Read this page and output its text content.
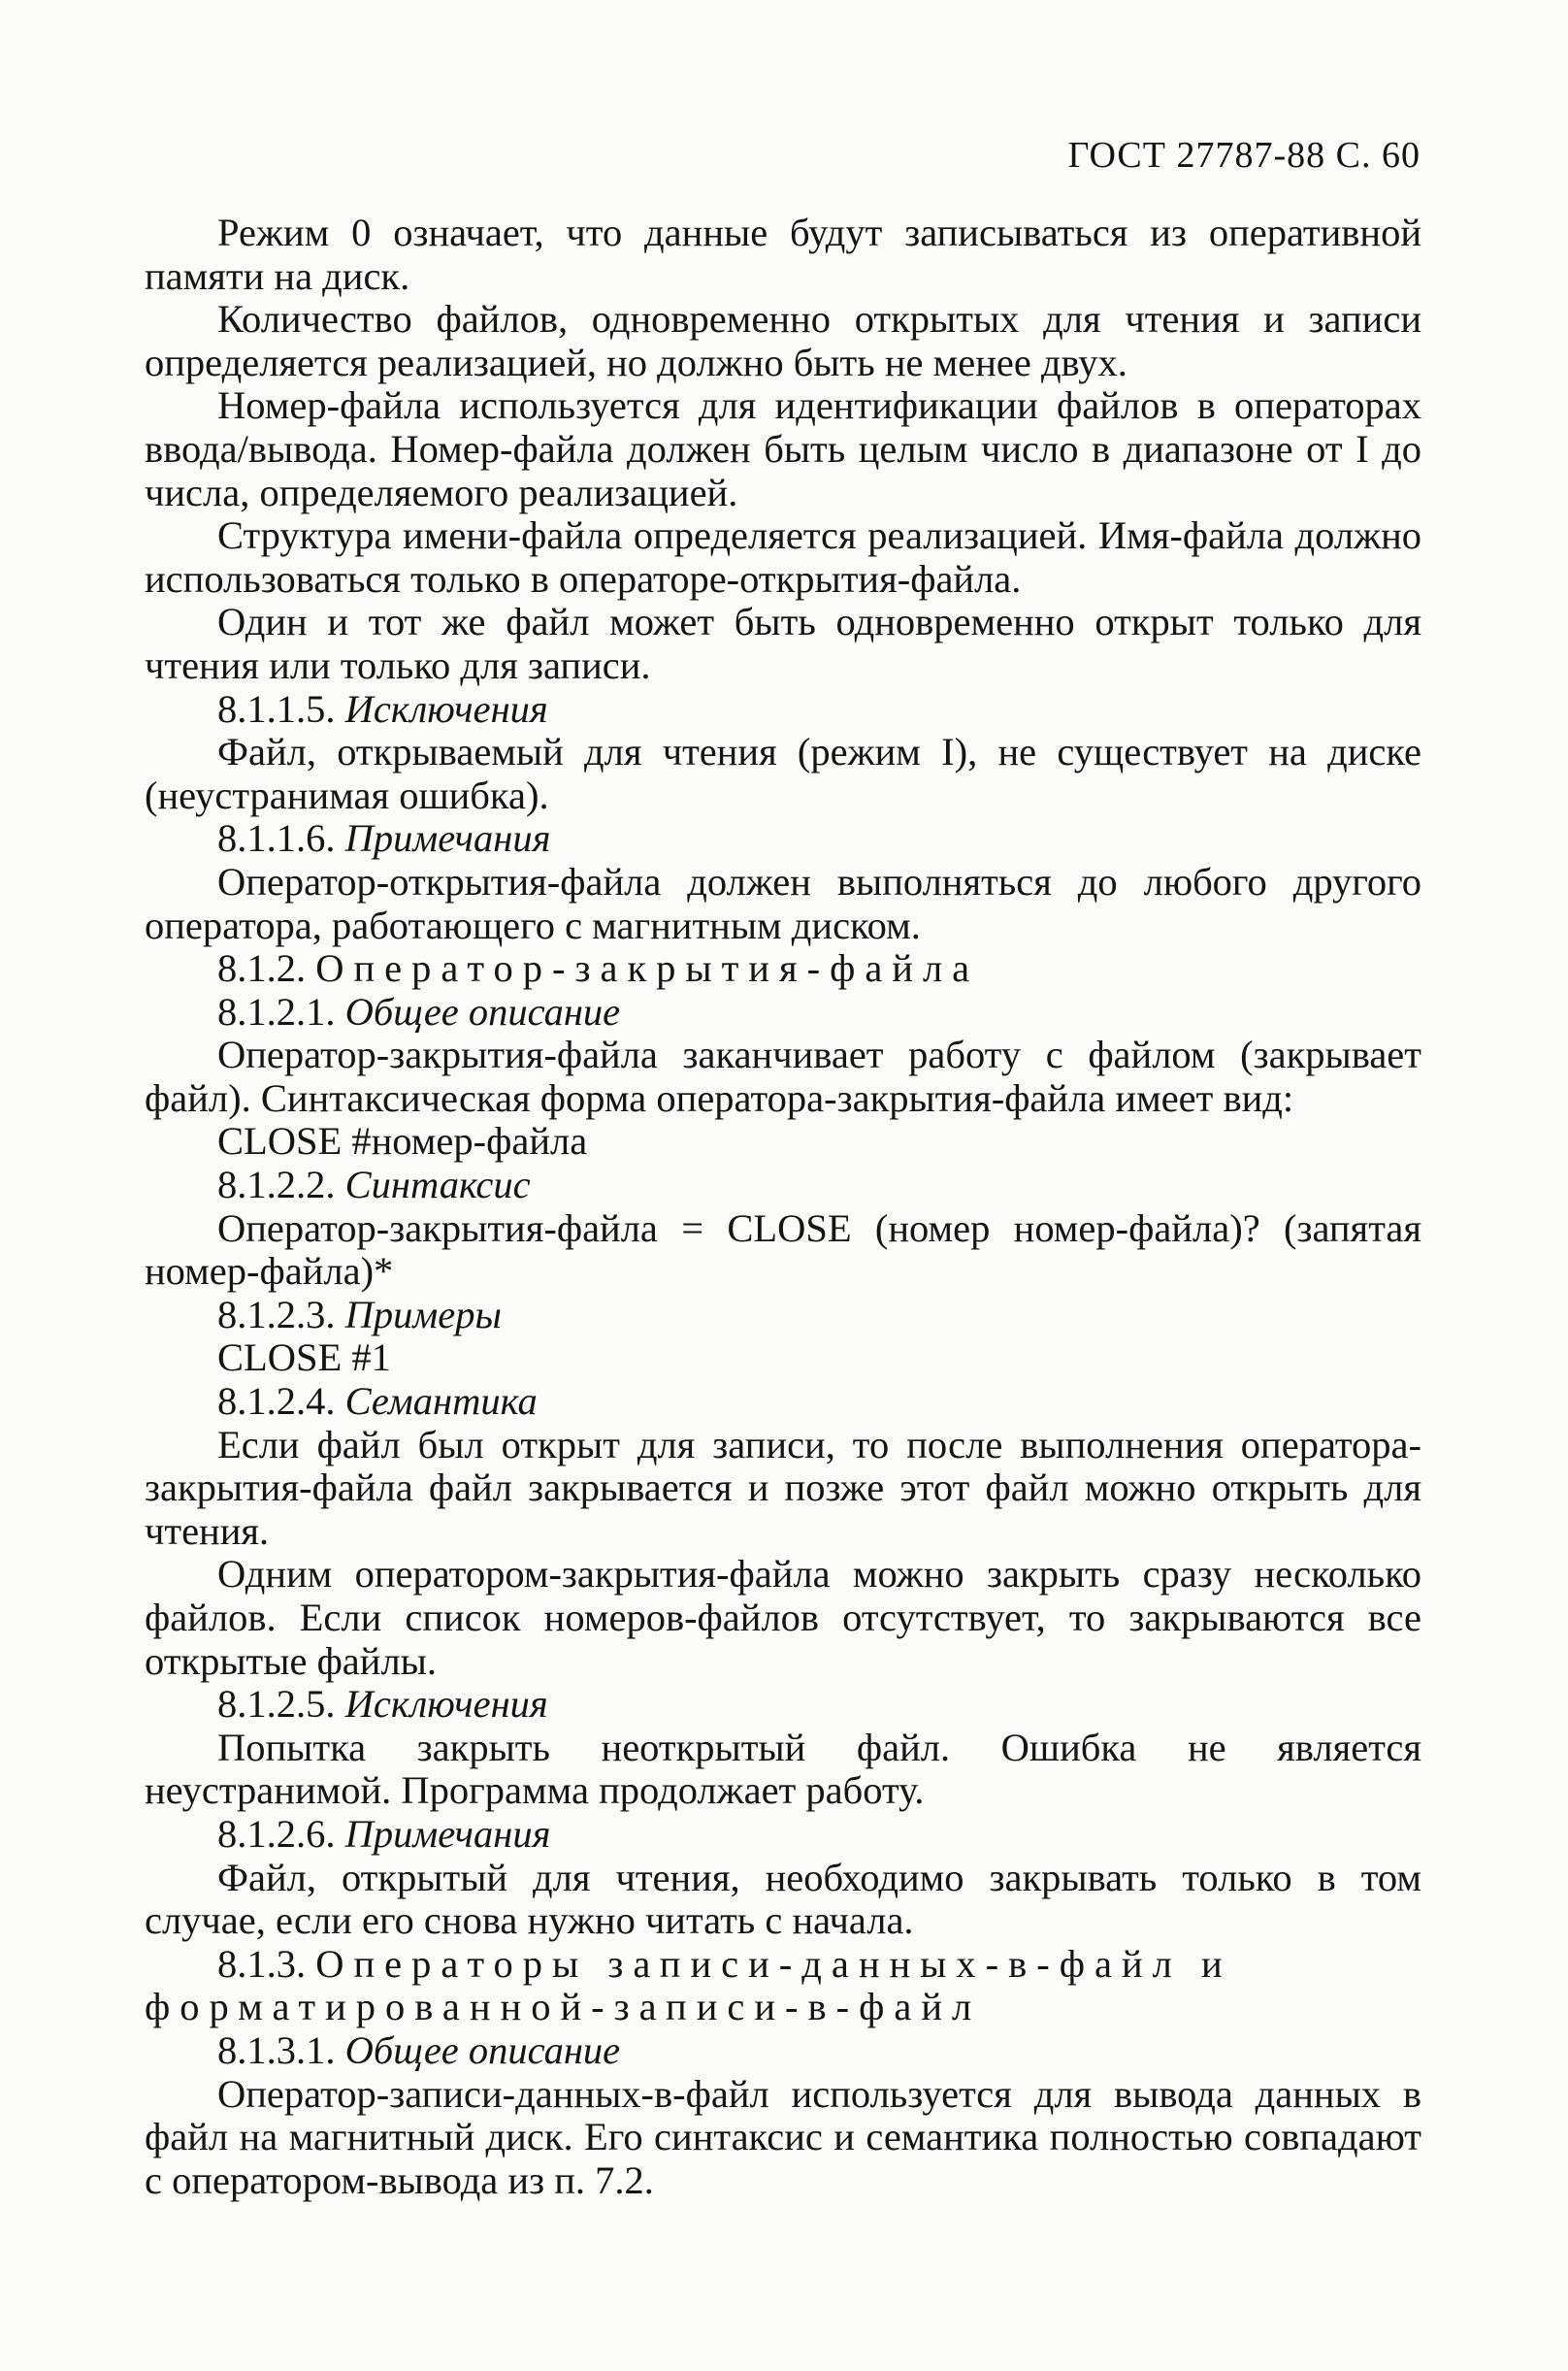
ГОСТ 27787-88 С. 60

Режим 0 означает, что данные будут записываться из оперативной памяти на диск.

Количество файлов, одновременно открытых для чтения и записи определяется реализацией, но должно быть не менее двух.

Номер-файла используется для идентификации файлов в операторах ввода/вывода. Номер-файла должен быть целым число в диапазоне от I до числа, определяемого реализацией.

Структура имени-файла определяется реализацией. Имя-файла должно использоваться только в операторе-открытия-файла.

Один и тот же файл может быть одновременно открыт только для чтения или только для записи.

8.1.1.5. Исключения

Файл, открываемый для чтения (режим I), не существует на диске (неустранимая ошибка).

8.1.1.6. Примечания

Оператор-открытия-файла должен выполняться до любого другого оператора, работающего с магнитным диском.

8.1.2. Оператор-закрытия-файла

8.1.2.1. Общее описание

Оператор-закрытия-файла заканчивает работу с файлом (закрывает файл). Синтаксическая форма оператора-закрытия-файла имеет вид:

CLOSE #номер-файла

8.1.2.2. Синтаксис

Оператор-закрытия-файла = CLOSE (номер номер-файла)? (запятая номер-файла)*

8.1.2.3. Примеры

CLOSE #1

8.1.2.4. Семантика

Если файл был открыт для записи, то после выполнения оператора-закрытия-файла файл закрывается и позже этот файл можно открыть для чтения.

Одним оператором-закрытия-файла можно закрыть сразу несколько файлов. Если список номеров-файлов отсутствует, то закрываются все открытые файлы.

8.1.2.5. Исключения

Попытка закрыть неоткрытый файл. Ошибка не является неустранимой. Программа продолжает работу.

8.1.2.6. Примечания

Файл, открытый для чтения, необходимо закрывать только в том случае, если его снова нужно читать с начала.

8.1.3. Операторы записи-данных-в-файл и форматированной-записи-в-файл

8.1.3.1. Общее описание

Оператор-записи-данных-в-файл используется для вывода данных в файл на магнитный диск. Его синтаксис и семантика полностью совпадают с оператором-вывода из п. 7.2.
